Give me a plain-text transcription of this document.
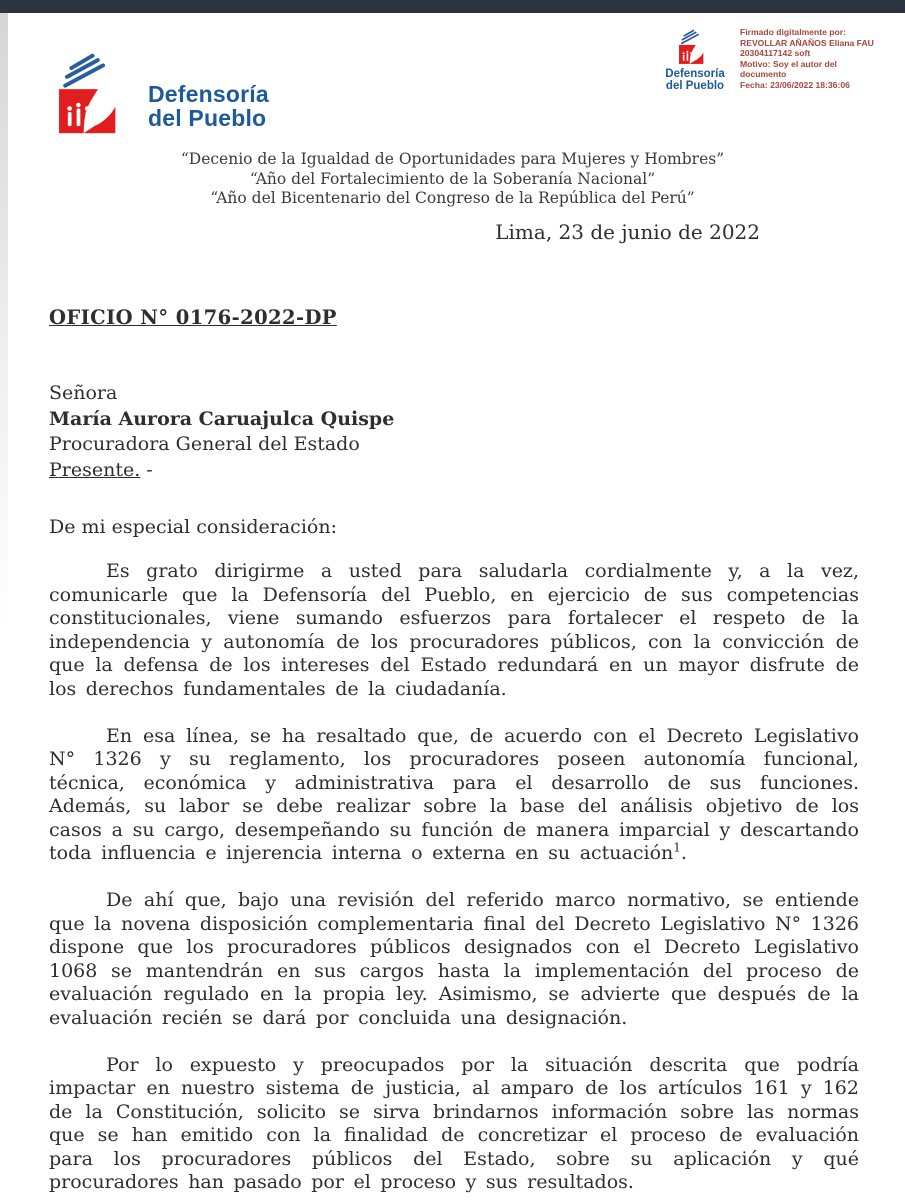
Defensoría
del Pueblo
Defensoría
del Pueblo
Firmado digitalmente por:
REVOLLAR AÑAÑOS Eliana FAU
20304117142 soft
Motivo: Soy el autor del
documento
Fecha: 23/06/2022 18:36:06
“Decenio de la Igualdad de Oportunidades para Mujeres y Hombres”
“Año del Fortalecimiento de la Soberanía Nacional”
“Año del Bicentenario del Congreso de la República del Perú”
Lima, 23 de junio de 2022
OFICIO N° 0176-2022-DP
Señora
María Aurora Caruajulca Quispe
Procuradora General del Estado
Presente. -
De mi especial consideración:

Es grato dirigirme a usted para saludarla cordialmente y, a la vez, comunicarle que la Defensoría del Pueblo, en ejercicio de sus competencias constitucionales, viene sumando esfuerzos para fortalecer el respeto de la independencia y autonomía de los procuradores públicos, con la convicción de que la defensa de los intereses del Estado redundará en un mayor disfrute de los derechos fundamentales de la ciudadanía.

En esa línea, se ha resaltado que, de acuerdo con el Decreto Legislativo N° 1326 y su reglamento, los procuradores poseen autonomía funcional, técnica, económica y administrativa para el desarrollo de sus funciones. Además, su labor se debe realizar sobre la base del análisis objetivo de los casos a su cargo, desempeñando su función de manera imparcial y descartando toda influencia e injerencia interna o externa en su actuación$^1$.

De ahí que, bajo una revisión del referido marco normativo, se entiende que la novena disposición complementaria final del Decreto Legislativo N° 1326 dispone que los procuradores públicos designados con el Decreto Legislativo 1068 se mantendrán en sus cargos hasta la implementación del proceso de evaluación regulado en la propia ley. Asimismo, se advierte que después de la evaluación recién se dará por concluida una designación.

Por lo expuesto y preocupados por la situación descrita que podría impactar en nuestro sistema de justicia, al amparo de los artículos 161 y 162 de la Constitución, solicito se sirva brindarnos información sobre las normas que se han emitido con la finalidad de concretizar el proceso de evaluación para los procuradores públicos del Estado, sobre su aplicación y qué procuradores han pasado por el proceso y sus resultados.
